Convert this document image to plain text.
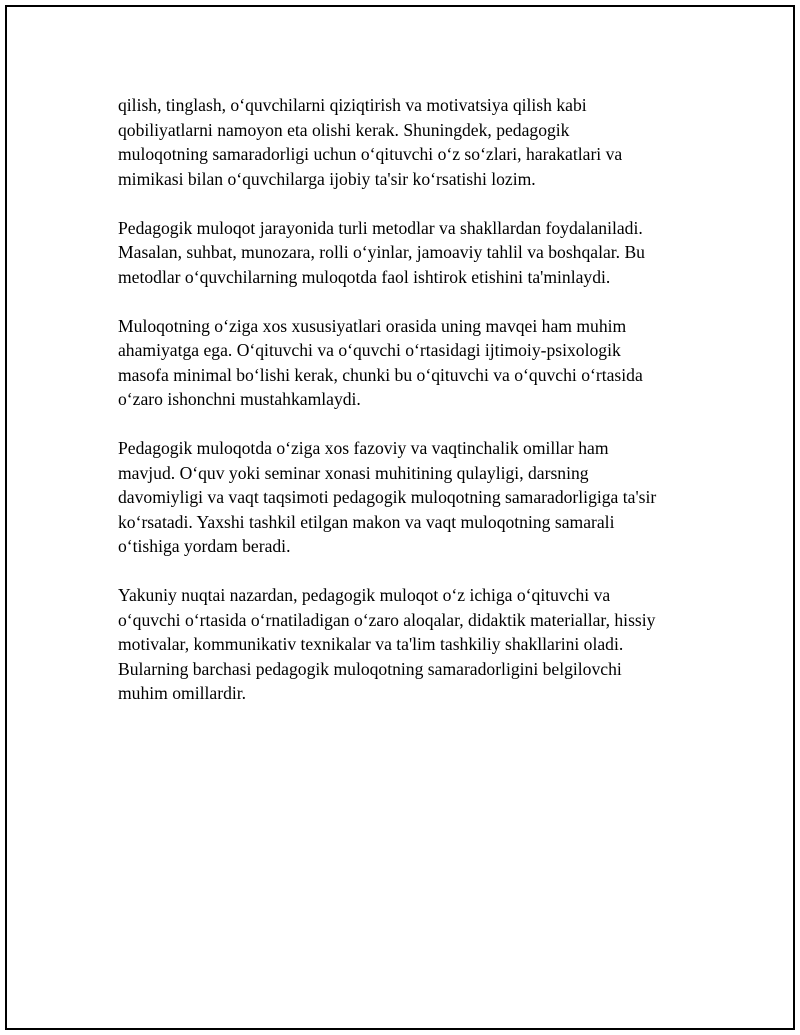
qilish, tinglash, o‘quvchilarni qiziqtirish va motivatsiya qilish kabi
qobiliyatlarni namoyon eta olishi kerak. Shuningdek, pedagogik
muloqotning samaradorligi uchun o‘qituvchi o‘z so‘zlari, harakatlari va
mimikasi bilan o‘quvchilarga ijobiy ta'sir ko‘rsatishi lozim.
Pedagogik muloqot jarayonida turli metodlar va shakllardan foydalaniladi.
Masalan, suhbat, munozara, rolli o‘yinlar, jamoaviy tahlil va boshqalar. Bu
metodlar o‘quvchilarning muloqotda faol ishtirok etishini ta'minlaydi.
Muloqotning o‘ziga xos xususiyatlari orasida uning mavqei ham muhim
ahamiyatga ega. O‘qituvchi va o‘quvchi o‘rtasidagi ijtimoiy-psixologik
masofa minimal bo‘lishi kerak, chunki bu o‘qituvchi va o‘quvchi o‘rtasida
o‘zaro ishonchni mustahkamlaydi.
Pedagogik muloqotda o‘ziga xos fazoviy va vaqtinchalik omillar ham
mavjud. O‘quv yoki seminar xonasi muhitining qulayligi, darsning
davomiyligi va vaqt taqsimoti pedagogik muloqotning samaradorligiga ta'sir
ko‘rsatadi. Yaxshi tashkil etilgan makon va vaqt muloqotning samarali
o‘tishiga yordam beradi.
Yakuniy nuqtai nazardan, pedagogik muloqot o‘z ichiga o‘qituvchi va
o‘quvchi o‘rtasida o‘rnatiladigan o‘zaro aloqalar, didaktik materiallar, hissiy
motivalar, kommunikativ texnikalar va ta'lim tashkiliy shakllarini oladi.
Bularning barchasi pedagogik muloqotning samaradorligini belgilovchi
muhim omillardir.
